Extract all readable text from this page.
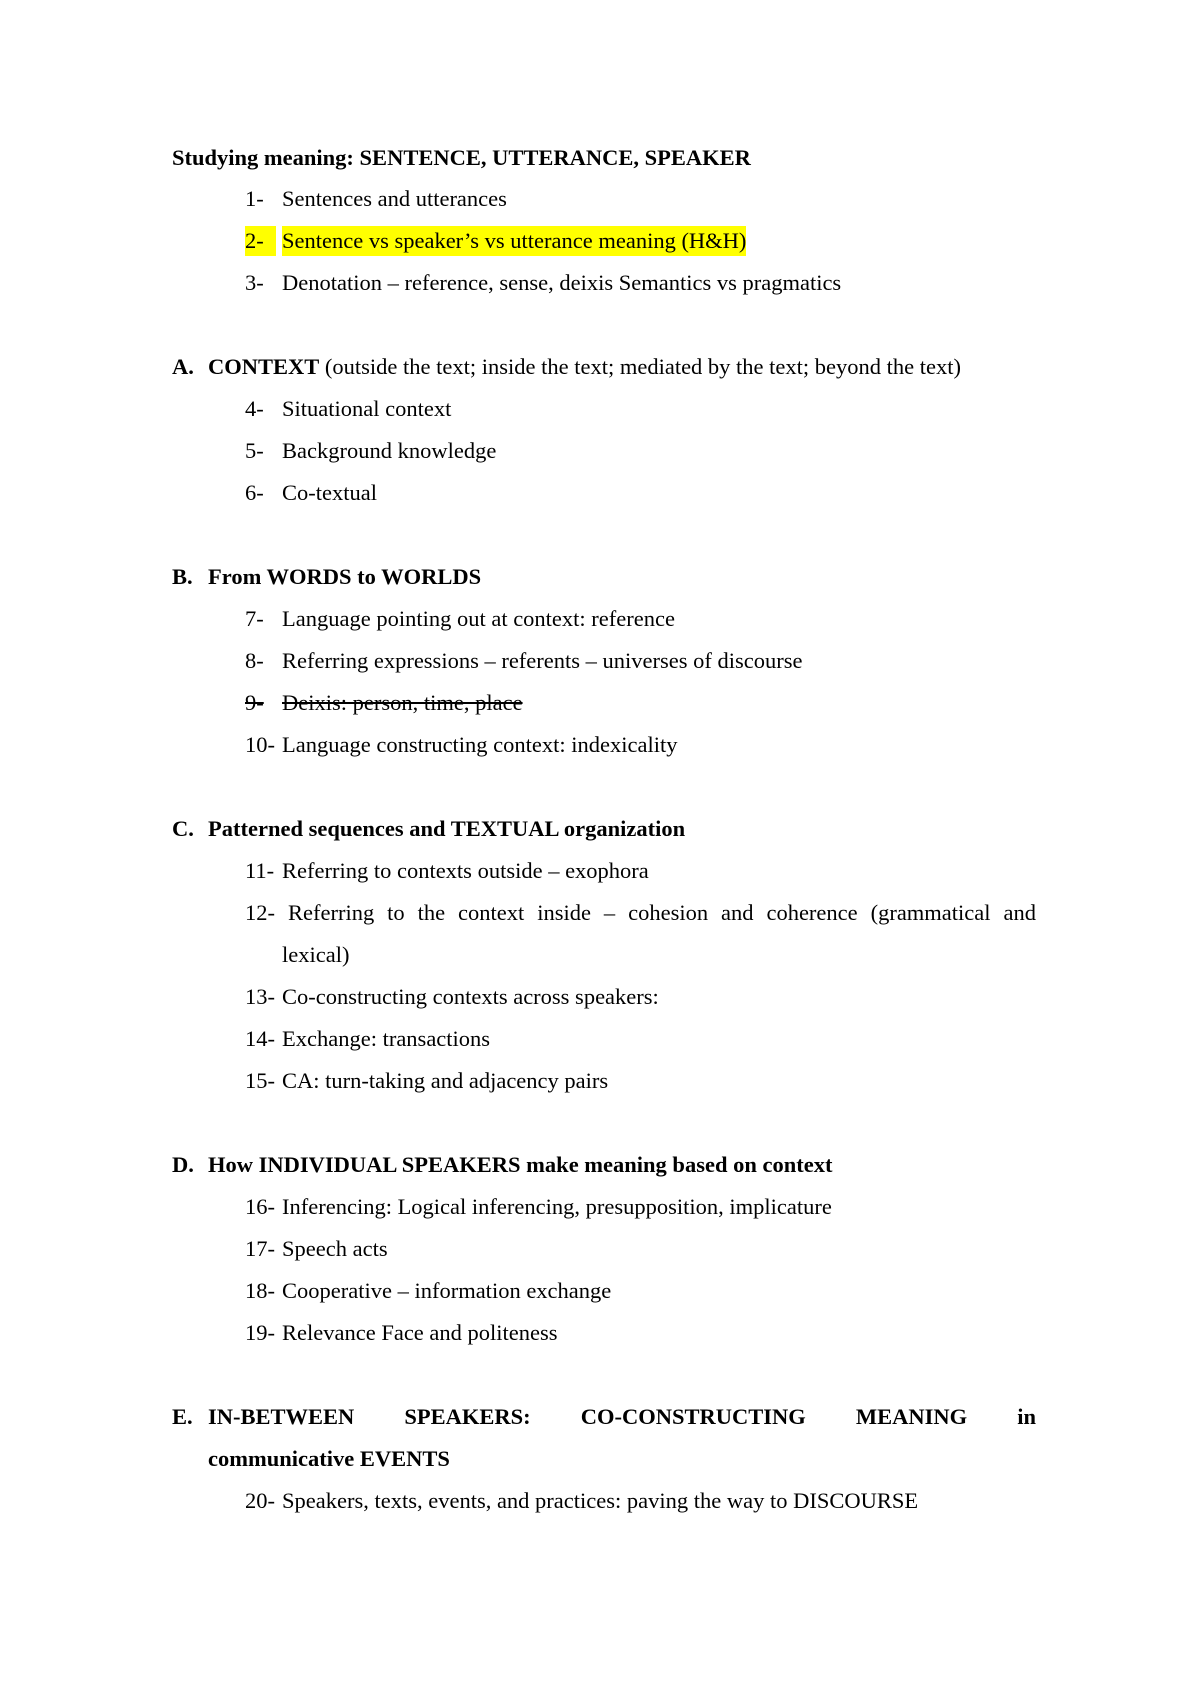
Studying meaning: SENTENCE, UTTERANCE, SPEAKER
1- Sentences and utterances
2- Sentence vs speaker’s vs utterance meaning (H&H)
3- Denotation – reference, sense, deixis Semantics vs pragmatics
A. CONTEXT (outside the text; inside the text; mediated by the text; beyond the text)
4- Situational context
5- Background knowledge
6- Co-textual
B. From WORDS to WORLDS
7- Language pointing out at context: reference
8- Referring expressions – referents – universes of discourse
9- Deixis: person, time, place
10- Language constructing context: indexicality
C. Patterned sequences and TEXTUAL organization
11- Referring to contexts outside – exophora
12- Referring to the context inside – cohesion and coherence (grammatical and
lexical)
13- Co-constructing contexts across speakers:
14- Exchange: transactions
15- CA: turn-taking and adjacency pairs
D. How INDIVIDUAL SPEAKERS make meaning based on context
16- Inferencing: Logical inferencing, presupposition, implicature
17- Speech acts
18- Cooperative – information exchange
19- Relevance Face and politeness
E. IN-BETWEEN SPEAKERS: CO-CONSTRUCTING MEANING in
communicative EVENTS
20- Speakers, texts, events, and practices: paving the way to DISCOURSE
